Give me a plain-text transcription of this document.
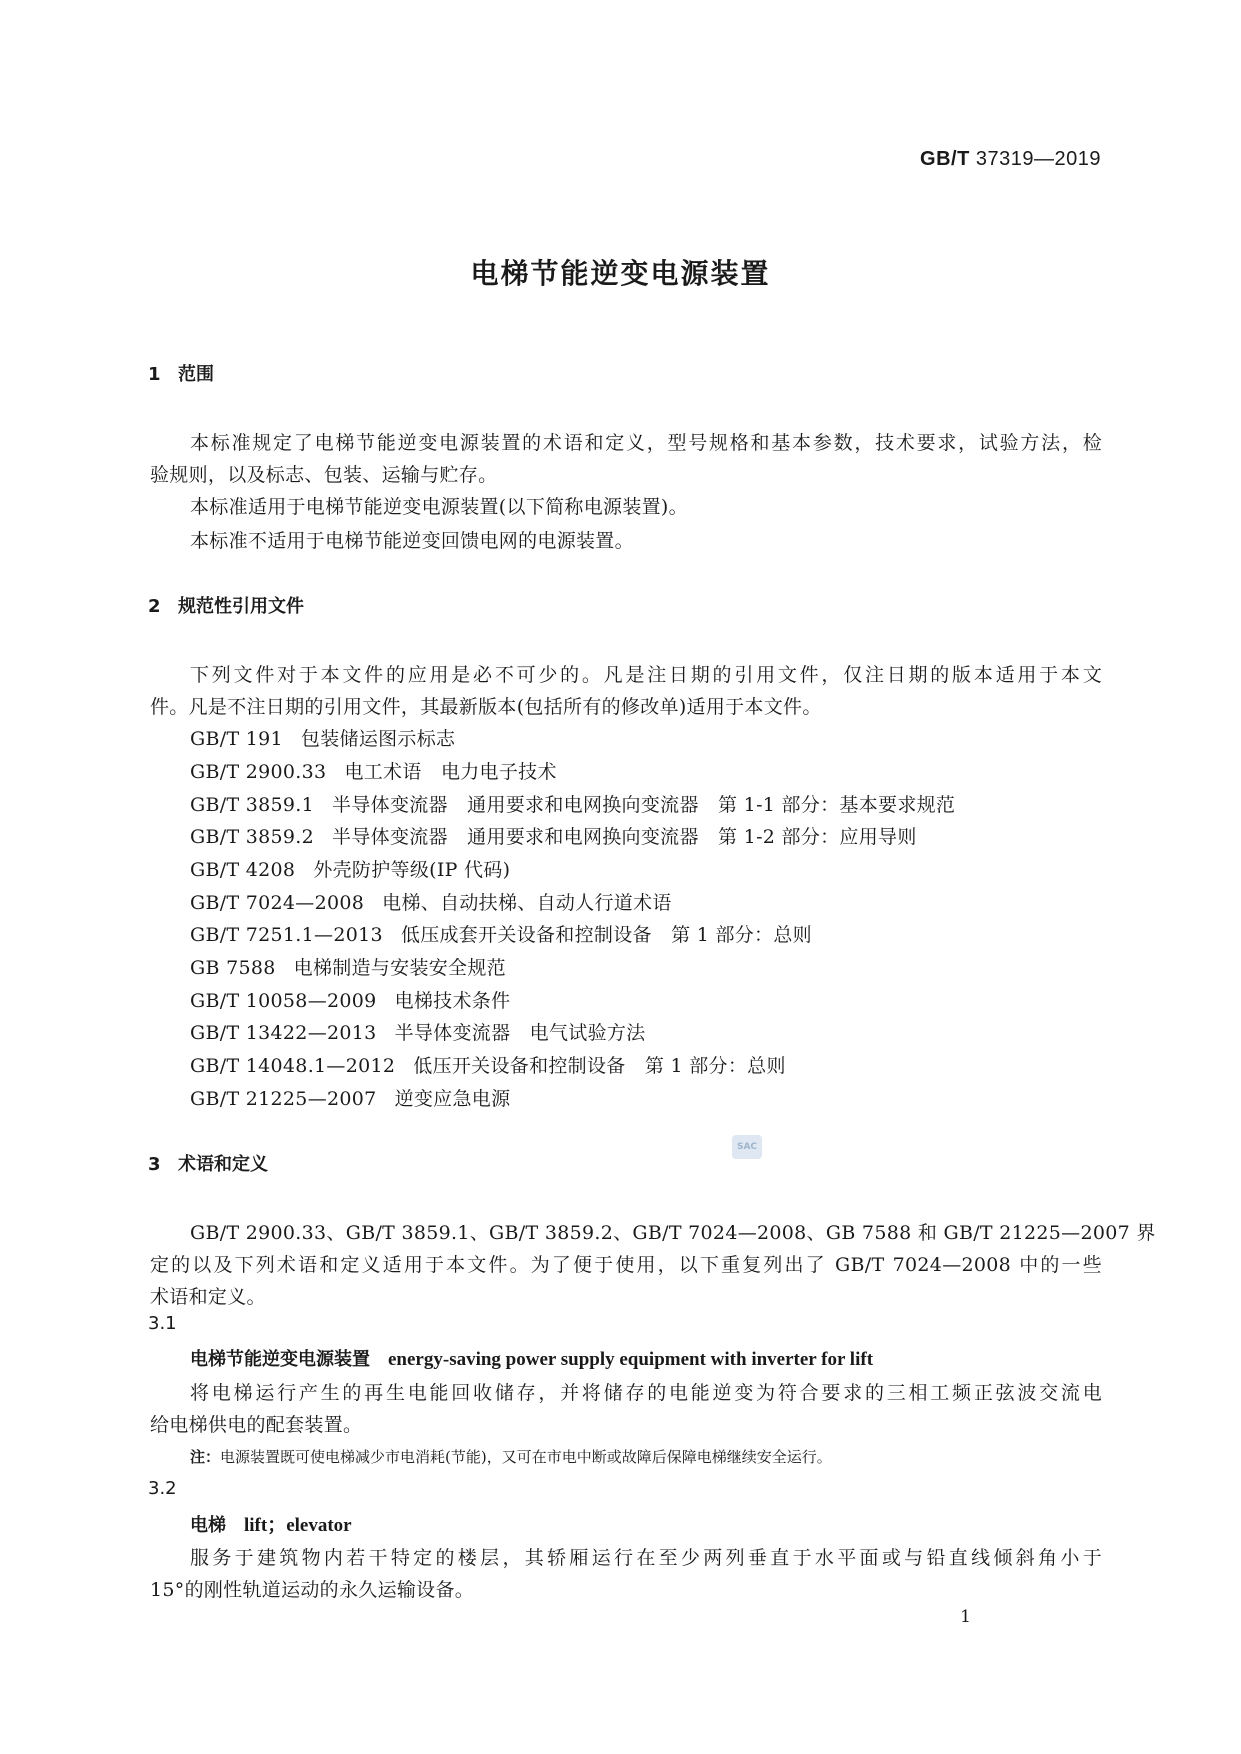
GB/T 37319—2019
电梯节能逆变电源装置
1 范围
本标准规定了电梯节能逆变电源装置的术语和定义，型号规格和基本参数，技术要求，试验方法，检
验规则，以及标志、包装、运输与贮存。
本标准适用于电梯节能逆变电源装置(以下简称电源装置)。
本标准不适用于电梯节能逆变回馈电网的电源装置。
2 规范性引用文件
下列文件对于本文件的应用是必不可少的。凡是注日期的引用文件，仅注日期的版本适用于本文
件。凡是不注日期的引用文件，其最新版本(包括所有的修改单)适用于本文件。
GB/T 191 包装储运图示标志
GB/T 2900.33 电工术语　电力电子技术
GB/T 3859.1 半导体变流器　通用要求和电网换向变流器　第 1-1 部分：基本要求规范
GB/T 3859.2 半导体变流器　通用要求和电网换向变流器　第 1-2 部分：应用导则
GB/T 4208 外壳防护等级(IP 代码)
GB/T 7024—2008 电梯、自动扶梯、自动人行道术语
GB/T 7251.1—2013 低压成套开关设备和控制设备　第 1 部分：总则
GB 7588 电梯制造与安装安全规范
GB/T 10058—2009 电梯技术条件
GB/T 13422—2013 半导体变流器　电气试验方法
GB/T 14048.1—2012 低压开关设备和控制设备　第 1 部分：总则
GB/T 21225—2007 逆变应急电源
SAC
3 术语和定义
GB/T 2900.33、GB/T 3859.1、GB/T 3859.2、GB/T 7024—2008、GB 7588 和 GB/T 21225—2007 界
定的以及下列术语和定义适用于本文件。为了便于使用，以下重复列出了 GB/T 7024—2008 中的一些
术语和定义。
3.1
电梯节能逆变电源装置 energy-saving power supply equipment with inverter for lift
将电梯运行产生的再生电能回收储存，并将储存的电能逆变为符合要求的三相工频正弦波交流电
给电梯供电的配套装置。
注：电源装置既可使电梯减少市电消耗(节能)，又可在市电中断或故障后保障电梯继续安全运行。
3.2
电梯 lift；elevator
服务于建筑物内若干特定的楼层，其轿厢运行在至少两列垂直于水平面或与铅直线倾斜角小于
15°的刚性轨道运动的永久运输设备。
1
